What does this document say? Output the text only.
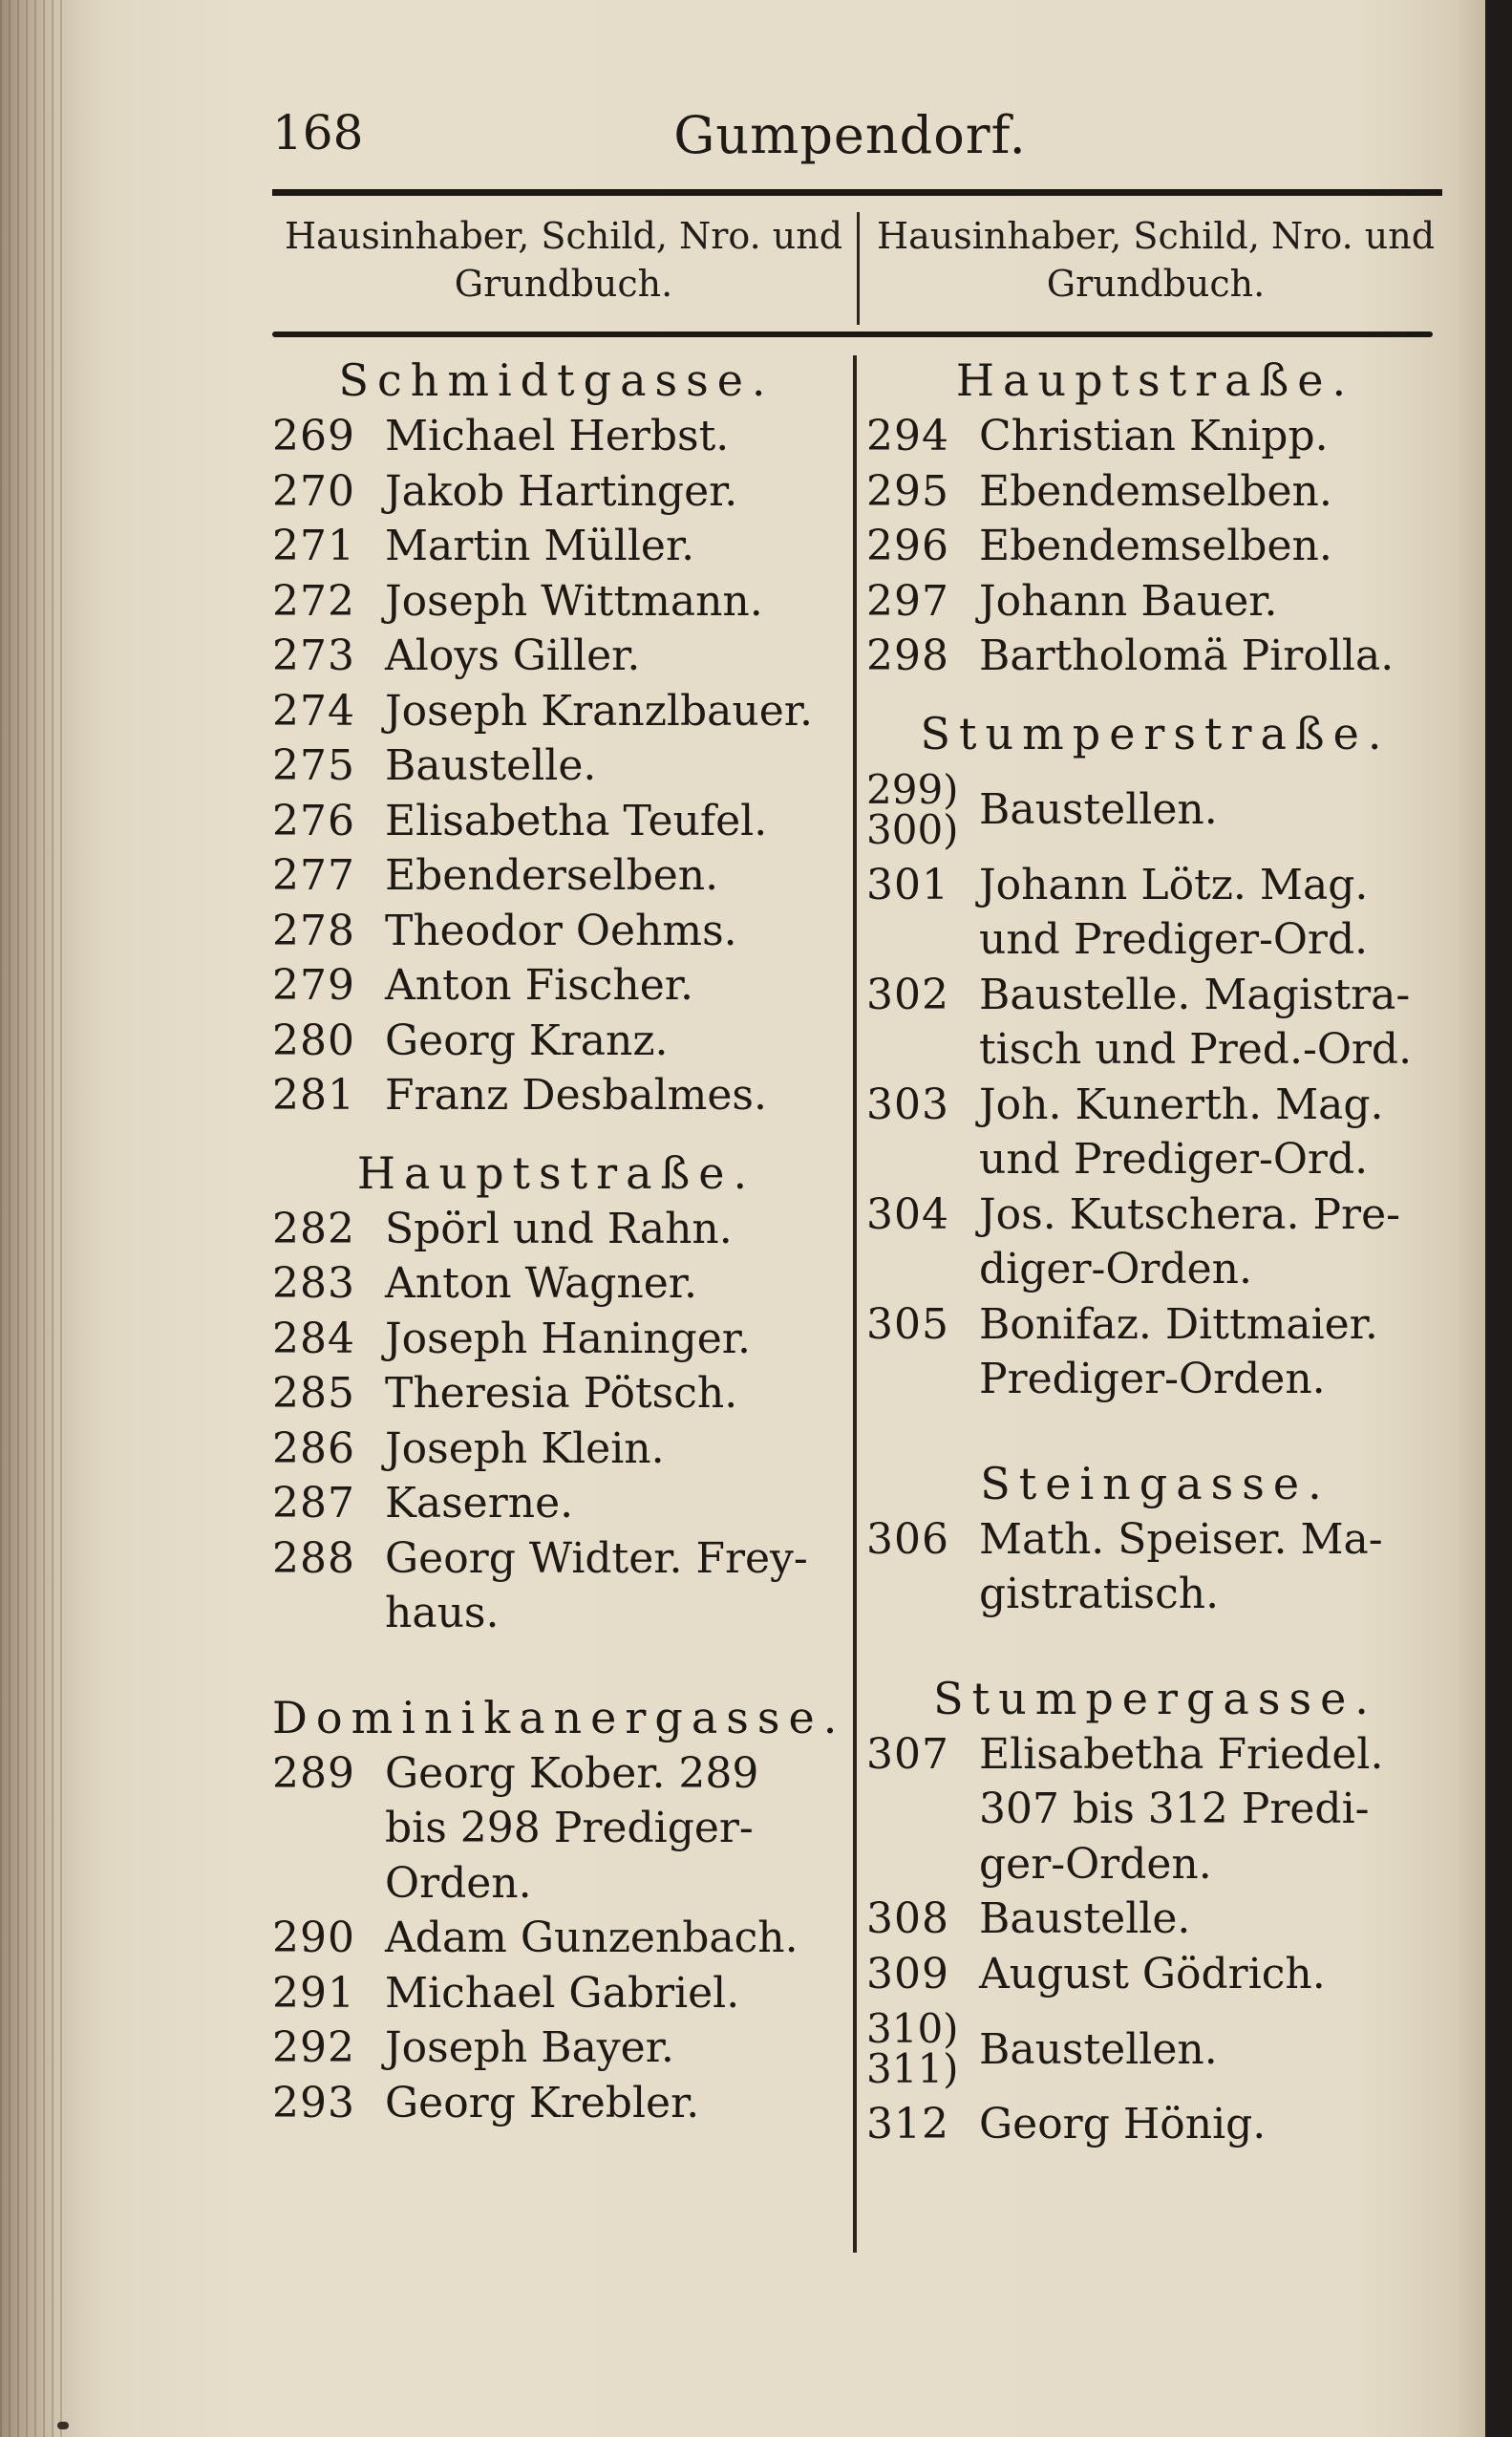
168	Gumpendorf.
Hausinhaber, Schild, Nro. und Grundbuch.
Hausinhaber, Schild, Nro. und Grundbuch.
Schmidtgasse.
269 Michael Herbst.
270 Jakob Hartinger.
271 Martin Müller.
272 Joseph Wittmann.
273 Aloys Giller.
274 Joseph Kranzlbauer.
275 Baustelle.
276 Elisabetha Teufel.
277 Ebenderselben.
278 Theodor Oehms.
279 Anton Fischer.
280 Georg Kranz.
281 Franz Desbalmes.
Hauptstraße.
282 Spörl und Rahn.
283 Anton Wagner.
284 Joseph Haninger.
285 Theresia Pötsch.
286 Joseph Klein.
287 Kaserne.
288 Georg Widter. Frey-
haus.
Dominikanergasse.
289 Georg Kober. 289
bis 298 Prediger-
Orden.
290 Adam Gunzenbach.
291 Michael Gabriel.
292 Joseph Bayer.
293 Georg Krebler.
Hauptstraße.
294 Christian Knipp.
295 Ebendemselben.
296 Ebendemselben.
297 Johann Bauer.
298 Bartholomä Pirolla.
Stumperstraße.
299)
300) Baustellen.
301 Johann Lötz. Mag.
und Prediger-Ord.
302 Baustelle. Magistra-
tisch und Pred.-Ord.
303 Joh. Kunerth. Mag.
und Prediger-Ord.
304 Jos. Kutschera. Pre-
diger-Orden.
305 Bonifaz. Dittmaier.
Prediger-Orden.
Steingasse.
306 Math. Speiser. Ma-
gistratisch.
Stumpergasse.
307 Elisabetha Friedel.
307 bis 312 Predi-
ger-Orden.
308 Baustelle.
309 August Gödrich.
310)
311) Baustellen.
312 Georg Hönig.
